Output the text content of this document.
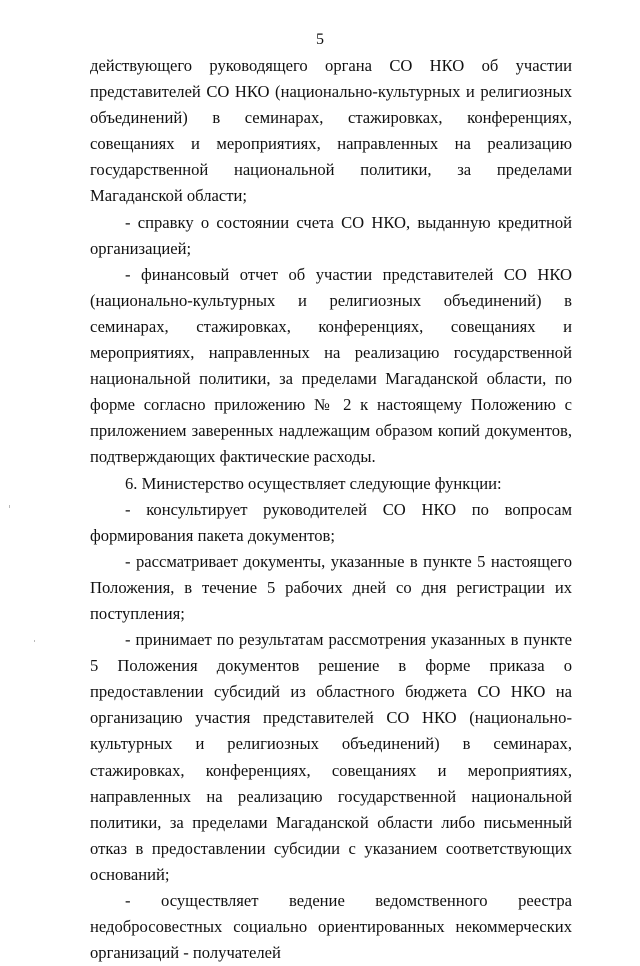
5

действующего руководящего органа СО НКО об участии представителей СО НКО (национально-культурных и религиозных объединений) в семинарах, стажировках, конференциях, совещаниях и мероприятиях, направленных на реализацию государственной национальной политики, за пределами Магаданской области;

- справку о состоянии счета СО НКО, выданную кредитной организацией;

- финансовый отчет об участии представителей СО НКО (национально-культурных и религиозных объединений) в семинарах, стажировках, конференциях, совещаниях и мероприятиях, направленных на реализацию государственной национальной политики, за пределами Магаданской области, по форме согласно приложению № 2 к настоящему Положению с приложением заверенных надлежащим образом копий документов, подтверждающих фактические расходы.

6. Министерство осуществляет следующие функции:

- консультирует руководителей СО НКО по вопросам формирования пакета документов;

- рассматривает документы, указанные в пункте 5 настоящего Положения, в течение 5 рабочих дней со дня регистрации их поступления;

- принимает по результатам рассмотрения указанных в пункте 5 Положения документов решение в форме приказа о предоставлении субсидий из областного бюджета СО НКО на организацию участия представителей СО НКО (национально-культурных и религиозных объединений) в семинарах, стажировках, конференциях, совещаниях и мероприятиях, направленных на реализацию государственной национальной политики, за пределами Магаданской области либо письменный отказ в предоставлении субсидии с указанием соответствующих оснований;

- осуществляет ведение ведомственного реестра недобросовестных социально ориентированных некоммерческих организаций - получателей
